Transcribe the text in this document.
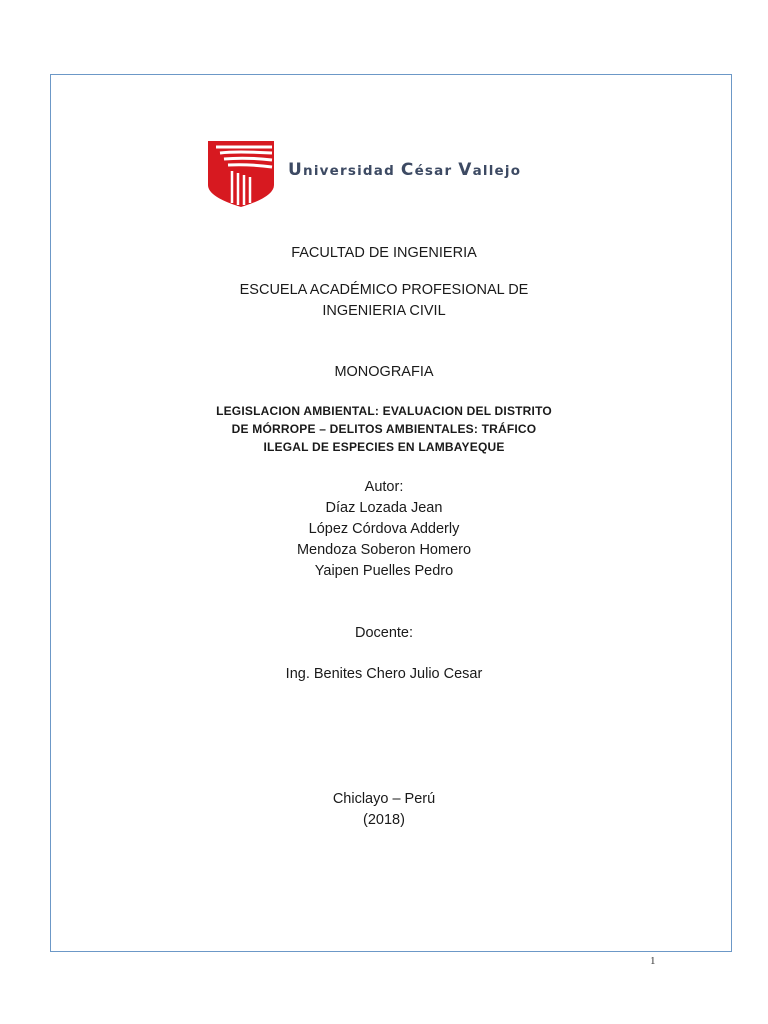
Universidad César Vallejo
FACULTAD DE INGENIERIA
ESCUELA ACADÉMICO PROFESIONAL DE
INGENIERIA CIVIL
MONOGRAFIA
LEGISLACION AMBIENTAL: EVALUACION DEL DISTRITO
DE MÓRROPE – DELITOS AMBIENTALES: TRÁFICO
ILEGAL DE ESPECIES EN LAMBAYEQUE
Autor:
Díaz Lozada Jean
López Córdova Adderly
Mendoza Soberon Homero
Yaipen Puelles Pedro
Docente:
Ing. Benites Chero Julio Cesar
Chiclayo – Perú
(2018)
1
